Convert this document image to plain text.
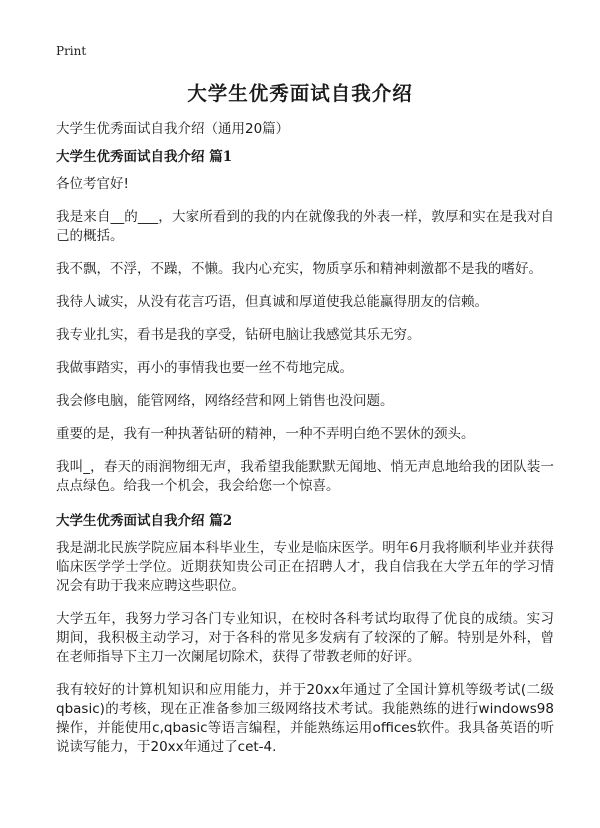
Print
大学生优秀面试自我介绍

大学生优秀面试自我介绍（通用20篇）

大学生优秀面试自我介绍 篇1

各位考官好!

我是来自__的___，大家所看到的我的内在就像我的外表一样，敦厚和实在是我对自己的概括。

我不飘，不浮，不躁，不懒。我内心充实，物质享乐和精神刺激都不是我的嗜好。

我待人诚实，从没有花言巧语，但真诚和厚道使我总能赢得朋友的信赖。

我专业扎实，看书是我的享受，钻研电脑让我感觉其乐无穷。

我做事踏实，再小的事情我也要一丝不苟地完成。

我会修电脑，能管网络，网络经营和网上销售也没问题。

重要的是，我有一种执著钻研的精神，一种不弄明白绝不罢休的颈头。

我叫_，春天的雨润物细无声，我希望我能默默无闻地、悄无声息地给我的团队装一点点绿色。给我一个机会，我会给您一个惊喜。

大学生优秀面试自我介绍 篇2

我是湖北民族学院应届本科毕业生，专业是临床医学。明年6月我将顺利毕业并获得临床医学学士学位。近期获知贵公司正在招聘人才，我自信我在大学五年的学习情况会有助于我来应聘这些职位。

大学五年，我努力学习各门专业知识，在校时各科考试均取得了优良的成绩。实习期间，我积极主动学习，对于各科的常见多发病有了较深的了解。特别是外科，曾在老师指导下主刀一次阑尾切除术，获得了带教老师的好评。

我有较好的计算机知识和应用能力，并于20xx年通过了全国计算机等级考试(二级qbasic)的考核，现在正准备参加三级网络技术考试。我能熟练的进行windows98操作，并能使用c,qbasic等语言编程，并能熟练运用offices软件。我具备英语的听说读写能力，于20xx年通过了cet-4.
